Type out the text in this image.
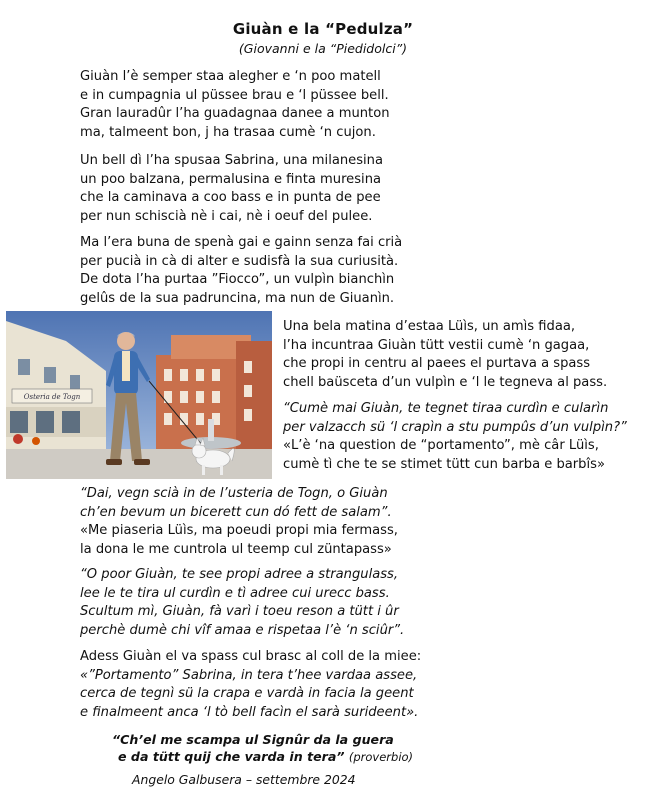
Giuàn e la “Pedulza”
(Giovanni e la “Piedidolci”)
Giuàn l’è semper staa alegher e ‘n poo matell
e in cumpagnia ul püssee brau e ‘l püssee bell.
Gran lauradûr l’ha guadagnaa danee a munton
ma, talmeent bon, j ha trasaa cumè ‘n cujon.
Un bell dì l’ha spusaa Sabrina, una milanesina
un poo balzana, permalusina e finta muresina
che la caminava a coo bass e in punta de pee
per nun schiscià nè i cai, nè i oeuf del pulee.
Ma l’era buna de spenà gai e gainn senza fai crià
per pucià in cà di alter e sudisfà la sua curiusità.
De dota l’ha purtaa ”Fiocco”, un vulpìn bianchìn
gelûs de la sua padruncina, ma nun de Giuanìn.
Osteria de Togn
Una bela matina d’estaa Lüìs, un amìs fidaa,
l’ha incuntraa Giuàn tütt vestii cumè ‘n gagaa,
che propi in centru al paees el purtava a spass
chell baüsceta d’un vulpìn e ‘l le tegneva al pass.
“Cumè mai Giuàn, te tegnet tiraa curdìn e cularìn
per valzacch sü ‘l crapìn a stu pumpûs d’un vulpìn?”
«L’è ‘na question de “portamento”, mè câr Lüìs,
cumè tì che te se stimet tütt cun barba e barbîs»
“Dai, vegn scià in de l’usteria de Togn, o Giuàn
ch’en bevum un bicerett cun dó fett de salam”.
«Me piaseria Lüìs, ma poeudi propi mia fermass,
la dona le me cuntrola ul teemp cul züntapass»
“O poor Giuàn, te see propi adree a strangulass,
lee le te tira ul curdìn e tì adree cui urecc bass.
Scultum mì, Giuàn, fà varì i toeu reson a tütt i ûr
perchè dumè chi vîf amaa e rispetaa l’è ‘n sciûr”.
Adess Giuàn el va spass cul brasc al coll de la miee:
«”Portamento” Sabrina, in tera t’hee vardaa assee,
cerca de tegnì sü la crapa e vardà in facia la geent
e finalmeent anca ‘l tò bell facìn el sarà surideent».
“Ch’el me scampa ul Signûr da la guera
e da tütt quij che varda in tera” (proverbio)
Angelo Galbusera – settembre 2024
